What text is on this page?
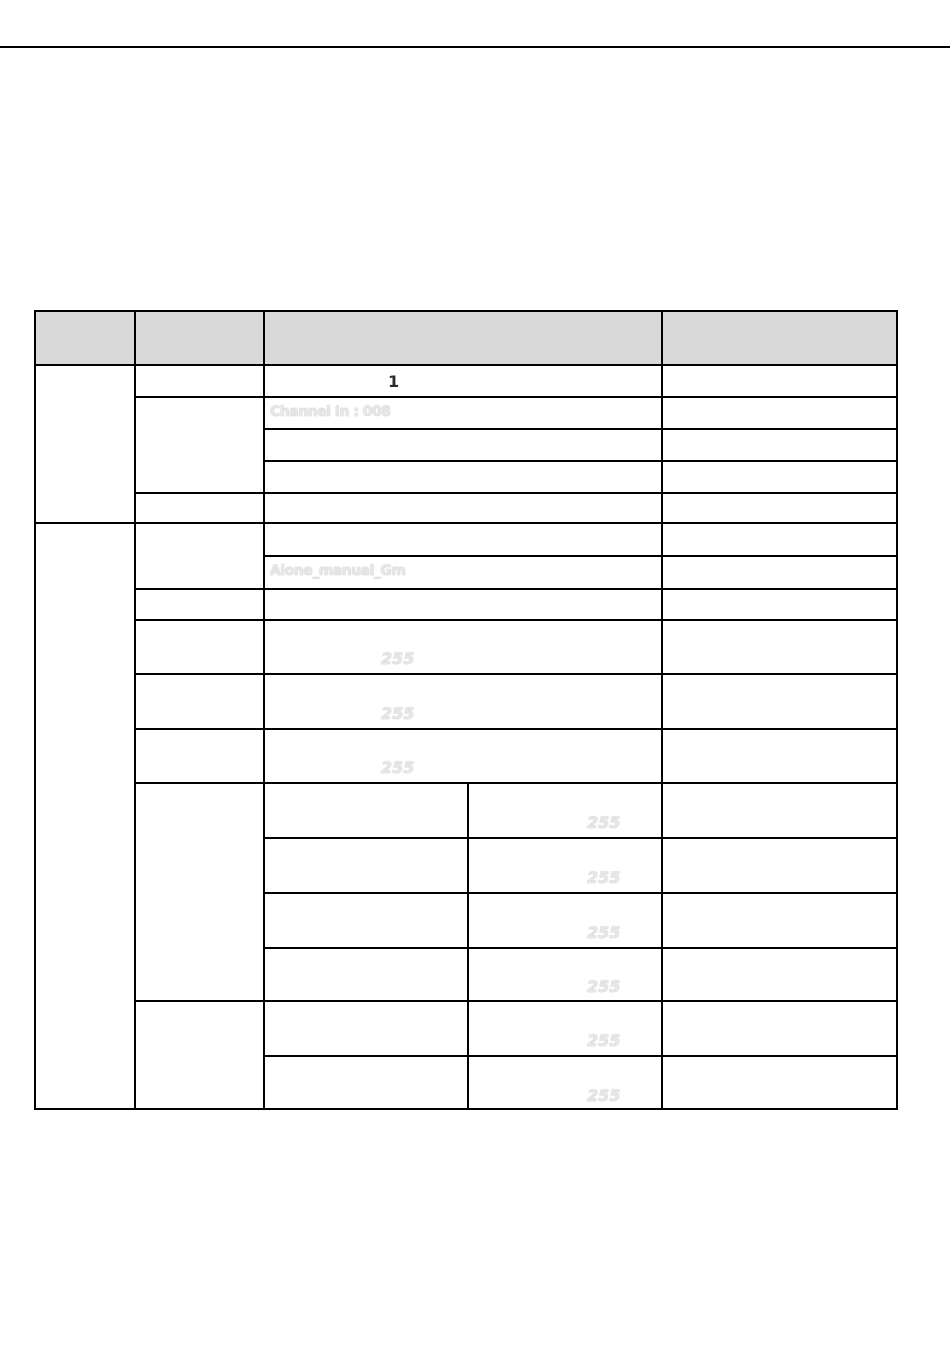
1
Channel In : 008
Alone_manual_Gm
255
255
255
255
255
255
255
255
255
